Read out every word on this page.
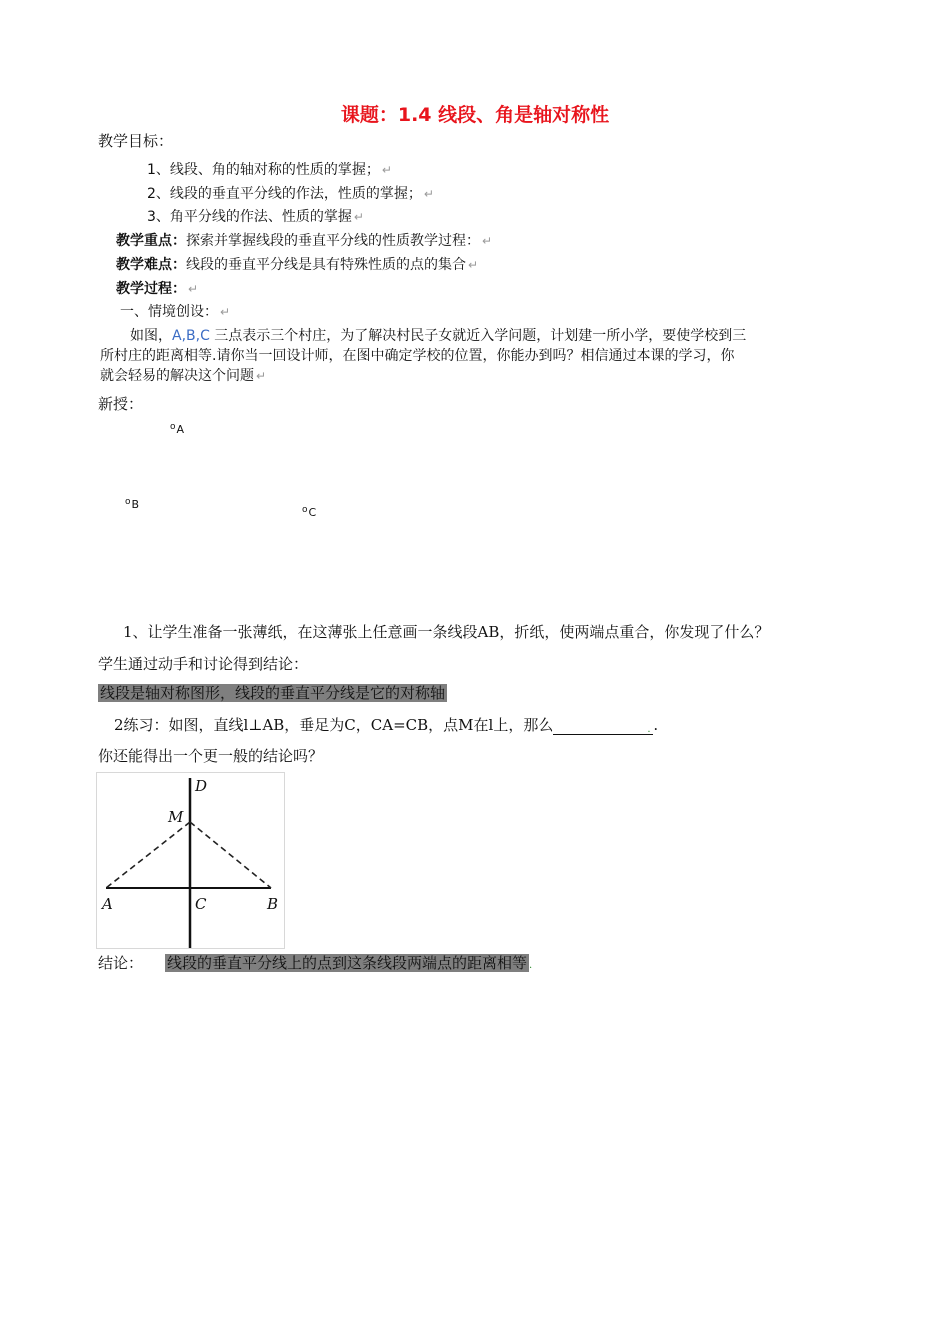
课题：1.4 线段、角是轴对称性
教学目标：
1、线段、角的轴对称的性质的掌握； ↵
2、线段的垂直平分线的作法，性质的掌握； ↵
3、角平分线的作法、性质的掌握 ↵
教学重点：探索并掌握线段的垂直平分线的性质教学过程： ↵
教学难点：线段的垂直平分线是具有特殊性质的点的集合 ↵
教学过程： ↵
一、情境创设： ↵
如图，A,B,C 三点表示三个村庄，为了解决村民子女就近入学问题，计划建一所小学，要使学校到三
所村庄的距离相等.请你当一回设计师，在图中确定学校的位置，你能办到吗？相信通过本课的学习，你
就会轻易的解决这个问题 ↵
新授：
$^o$A
$^o$B	$^o$C
1、让学生准备一张薄纸，在这薄张上任意画一条线段AB，折纸，使两端点重合，你发现了什么？
学生通过动手和讨论得到结论：
线段是轴对称图形，线段的垂直平分线是它的对称轴
2练习：如图，直线l⊥AB，垂足为C，CA=CB，点M在l上，那么	. .
你还能得出一个更一般的结论吗？
D
M
A	C	B
结论： 线段的垂直平分线上的点到这条线段两端点的距离相等 .
